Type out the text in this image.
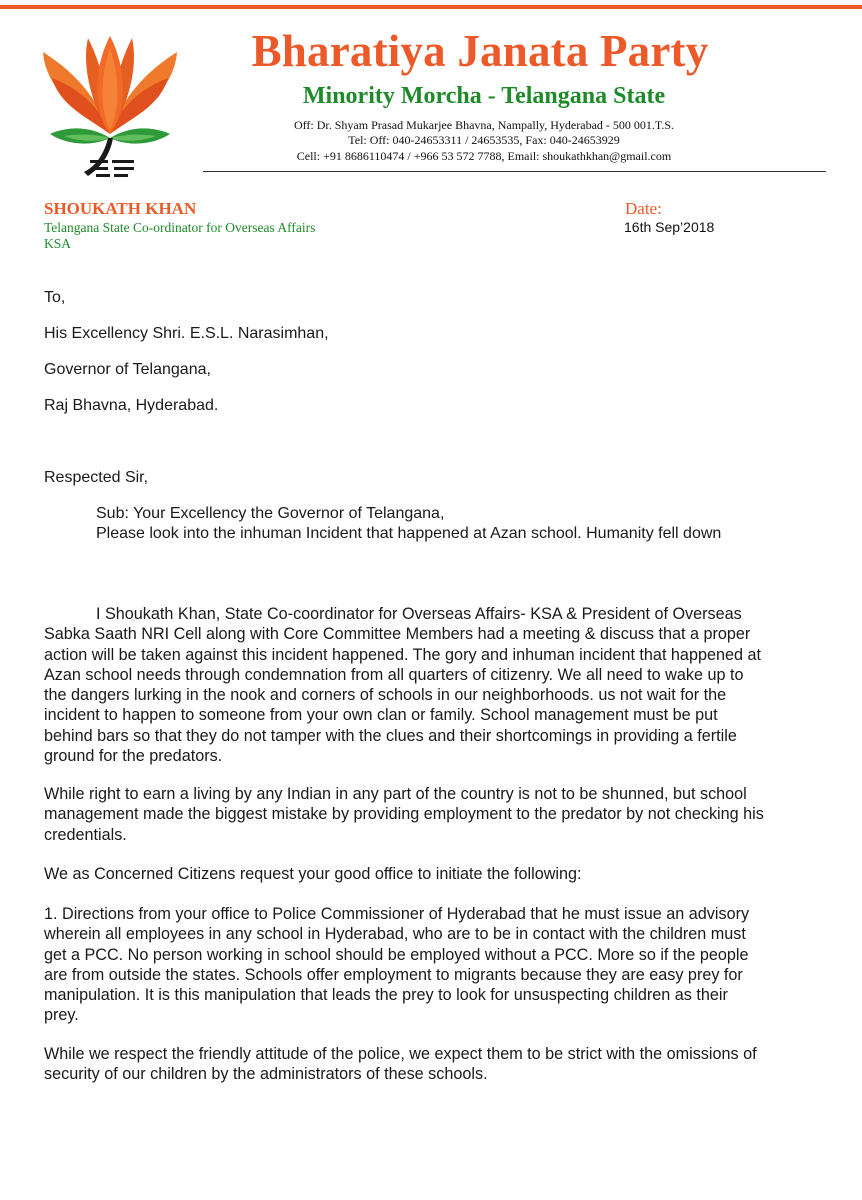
Bharatiya Janata Party
Minority Morcha - Telangana State
Off: Dr. Shyam Prasad Mukarjee Bhavna, Nampally, Hyderabad - 500 001.T.S.
Tel: Off: 040-24653311 / 24653535, Fax: 040-24653929
Cell: +91 8686110474 / +966 53 572 7788, Email: shoukathkhan@gmail.com
SHOUKATH KHAN
Telangana State Co-ordinator for Overseas Affairs
KSA
Date:
16th Sep’2018
To,
His Excellency Shri. E.S.L. Narasimhan,
Governor of Telangana,
Raj Bhavna, Hyderabad.
Respected Sir,
Sub: Your Excellency the Governor of Telangana,
Please look into the inhuman Incident that happened at Azan school. Humanity fell down
I Shoukath Khan, State Co-coordinator for Overseas Affairs- KSA & President of Overseas Sabka Saath NRI Cell along with Core Committee Members had a meeting & discuss that a proper action will be taken against this incident happened. The gory and inhuman incident that happened at Azan school needs through condemnation from all quarters of citizenry. We all need to wake up to the dangers lurking in the nook and corners of schools in our neighborhoods. us not wait for the incident to happen to someone from your own clan or family. School management must be put behind bars so that they do not tamper with the clues and their shortcomings in providing a fertile ground for the predators.
While right to earn a living by any Indian in any part of the country is not to be shunned, but school management made the biggest mistake by providing employment to the predator by not checking his credentials.
We as Concerned Citizens request your good office to initiate the following:
1. Directions from your office to Police Commissioner of Hyderabad that he must issue an advisory wherein all employees in any school in Hyderabad, who are to be in contact with the children must get a PCC. No person working in school should be employed without a PCC. More so if the people are from outside the states. Schools offer employment to migrants because they are easy prey for manipulation. It is this manipulation that leads the prey to look for unsuspecting children as their prey.
While we respect the friendly attitude of the police, we expect them to be strict with the omissions of security of our children by the administrators of these schools.
